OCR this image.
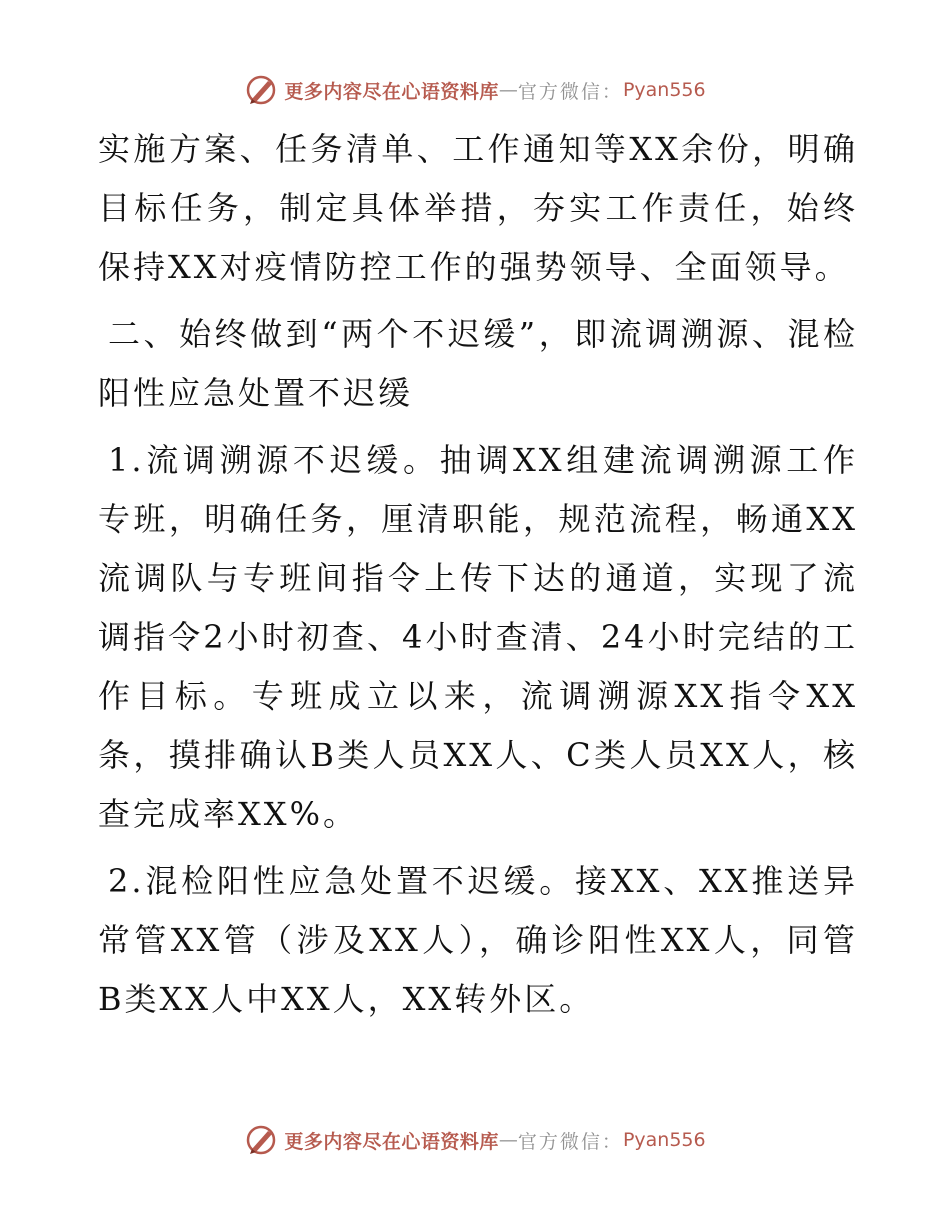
更多内容尽在心语资料库 — 官方微信： Pyan556

实施方案、任务清单、工作通知等XX余份，明确目标任务，制定具体举措，夯实工作责任，始终保持XX对疫情防控工作的强势领导、全面领导。

二、始终做到“两个不迟缓”，即流调溯源、混检阳性应急处置不迟缓

1.流调溯源不迟缓。抽调XX组建流调溯源工作专班，明确任务，厘清职能，规范流程，畅通XX流调队与专班间指令上传下达的通道，实现了流调指令2小时初查、4小时查清、24小时完结的工作目标。专班成立以来，流调溯源XX指令XX条，摸排确认B类人员XX人、C类人员XX人，核查完成率XX%。

2.混检阳性应急处置不迟缓。接XX、XX推送异常管XX管（涉及XX人），确诊阳性XX人，同管B类XX人中XX人，XX转外区。

更多内容尽在心语资料库 — 官方微信： Pyan556
